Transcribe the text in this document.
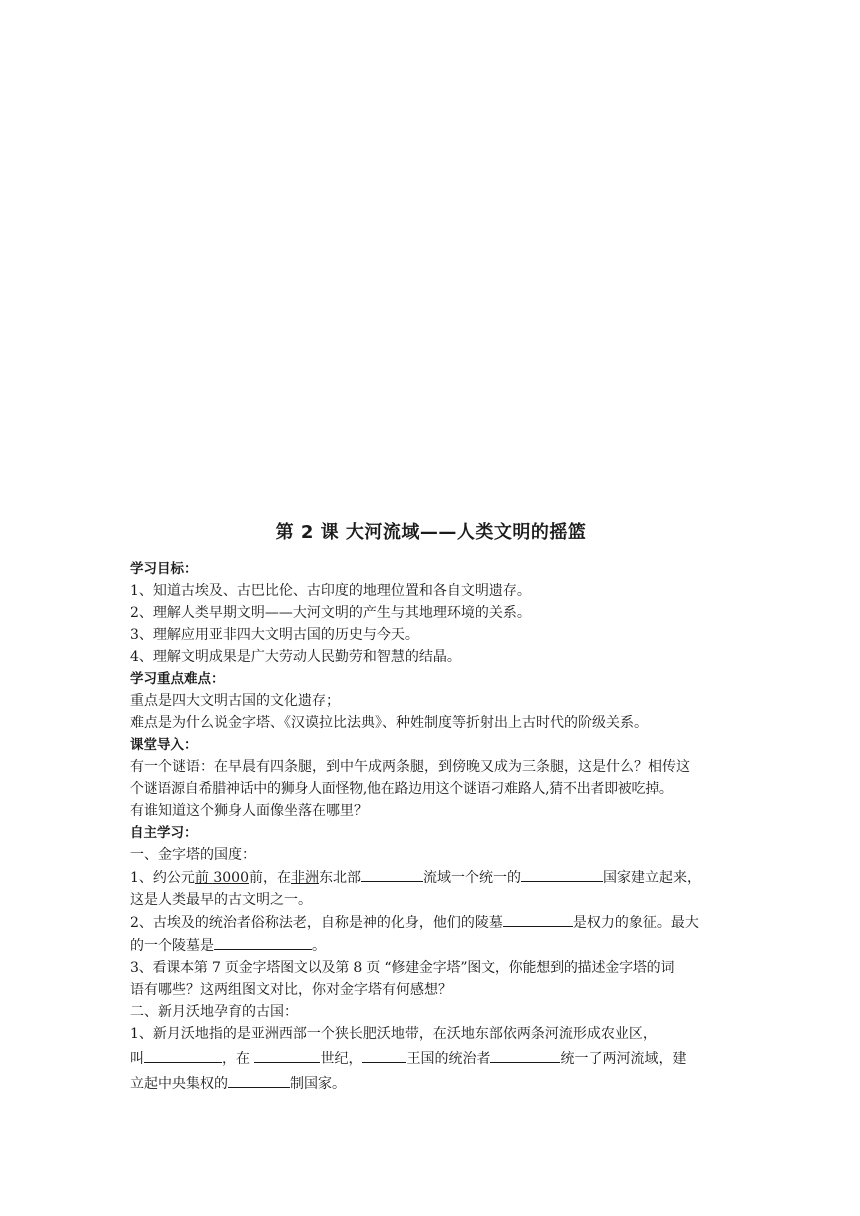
第 2 课 大河流域——人类文明的摇篮
学习目标：
1、知道古埃及、古巴比伦、古印度的地理位置和各自文明遗存。
2、理解人类早期文明——大河文明的产生与其地理环境的关系。
3、理解应用亚非四大文明古国的历史与今天。
4、理解文明成果是广大劳动人民勤劳和智慧的结晶。
学习重点难点：
重点是四大文明古国的文化遗存；
难点是为什么说金字塔、《汉谟拉比法典》、种姓制度等折射出上古时代的阶级关系。
课堂导入：
有一个谜语：在早晨有四条腿，到中午成两条腿，到傍晚又成为三条腿，这是什么？相传这
个谜语源自希腊神话中的狮身人面怪物,他在路边用这个谜语刁难路人,猜不出者即被吃掉。
有谁知道这个狮身人面像坐落在哪里？
自主学习：
一、金字塔的国度：
1、约公元前 3000前，在非洲东北部	流域一个统一的	国家建立起来，
这是人类最早的古文明之一。
2、古埃及的统治者俗称法老，自称是神的化身，他们的陵墓	是权力的象征。最大
的一个陵墓是	。
3、看课本第 7 页金字塔图文以及第 8 页 “修建金字塔”图文，你能想到的描述金字塔的词
语有哪些？这两组图文对比，你对金字塔有何感想？
二、新月沃地孕育的古国：
1、新月沃地指的是亚洲西部一个狭长肥沃地带，在沃地东部依两条河流形成农业区，
叫	，在	世纪，	王国的统治者	统一了两河流域，建
立起中央集权的	制国家。
